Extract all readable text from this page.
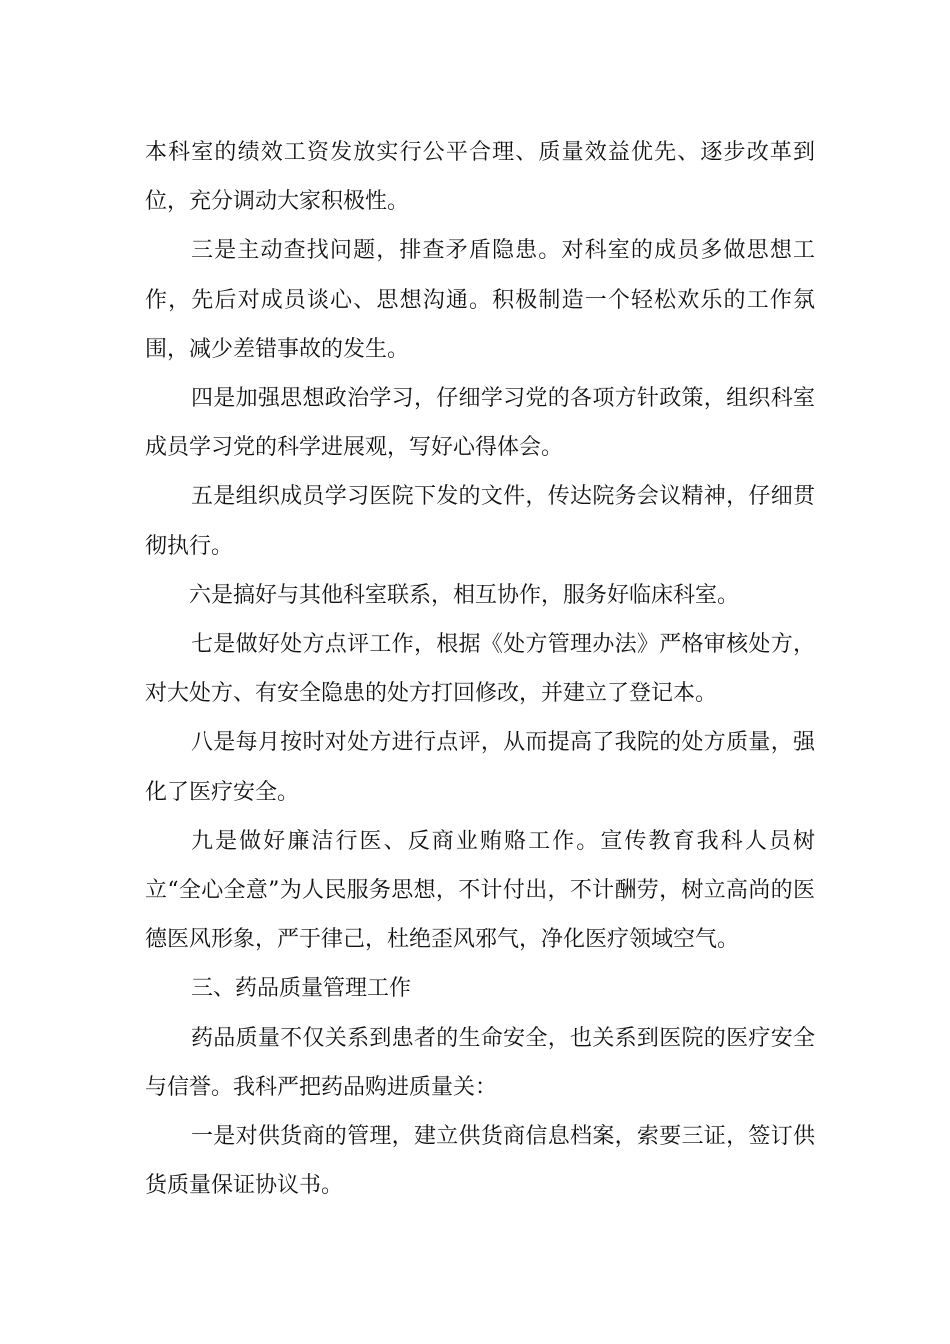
本科室的绩效工资发放实行公平合理、质量效益优先、逐步改革到位，充分调动大家积极性。

三是主动查找问题，排查矛盾隐患。对科室的成员多做思想工作，先后对成员谈心、思想沟通。积极制造一个轻松欢乐的工作氛围，减少差错事故的发生。

四是加强思想政治学习，仔细学习党的各项方针政策，组织科室成员学习党的科学进展观，写好心得体会。

五是组织成员学习医院下发的文件，传达院务会议精神，仔细贯彻执行。

六是搞好与其他科室联系，相互协作，服务好临床科室。

七是做好处方点评工作，根据《处方管理办法》严格审核处方，对大处方、有安全隐患的处方打回修改，并建立了登记本。

八是每月按时对处方进行点评，从而提高了我院的处方质量，强化了医疗安全。

九是做好廉洁行医、反商业贿赂工作。宣传教育我科人员树立“全心全意”为人民服务思想，不计付出，不计酬劳，树立高尚的医德医风形象，严于律己，杜绝歪风邪气，净化医疗领域空气。

三、药品质量管理工作

药品质量不仅关系到患者的生命安全，也关系到医院的医疗安全与信誉。我科严把药品购进质量关：

一是对供货商的管理，建立供货商信息档案，索要三证，签订供货质量保证协议书。
